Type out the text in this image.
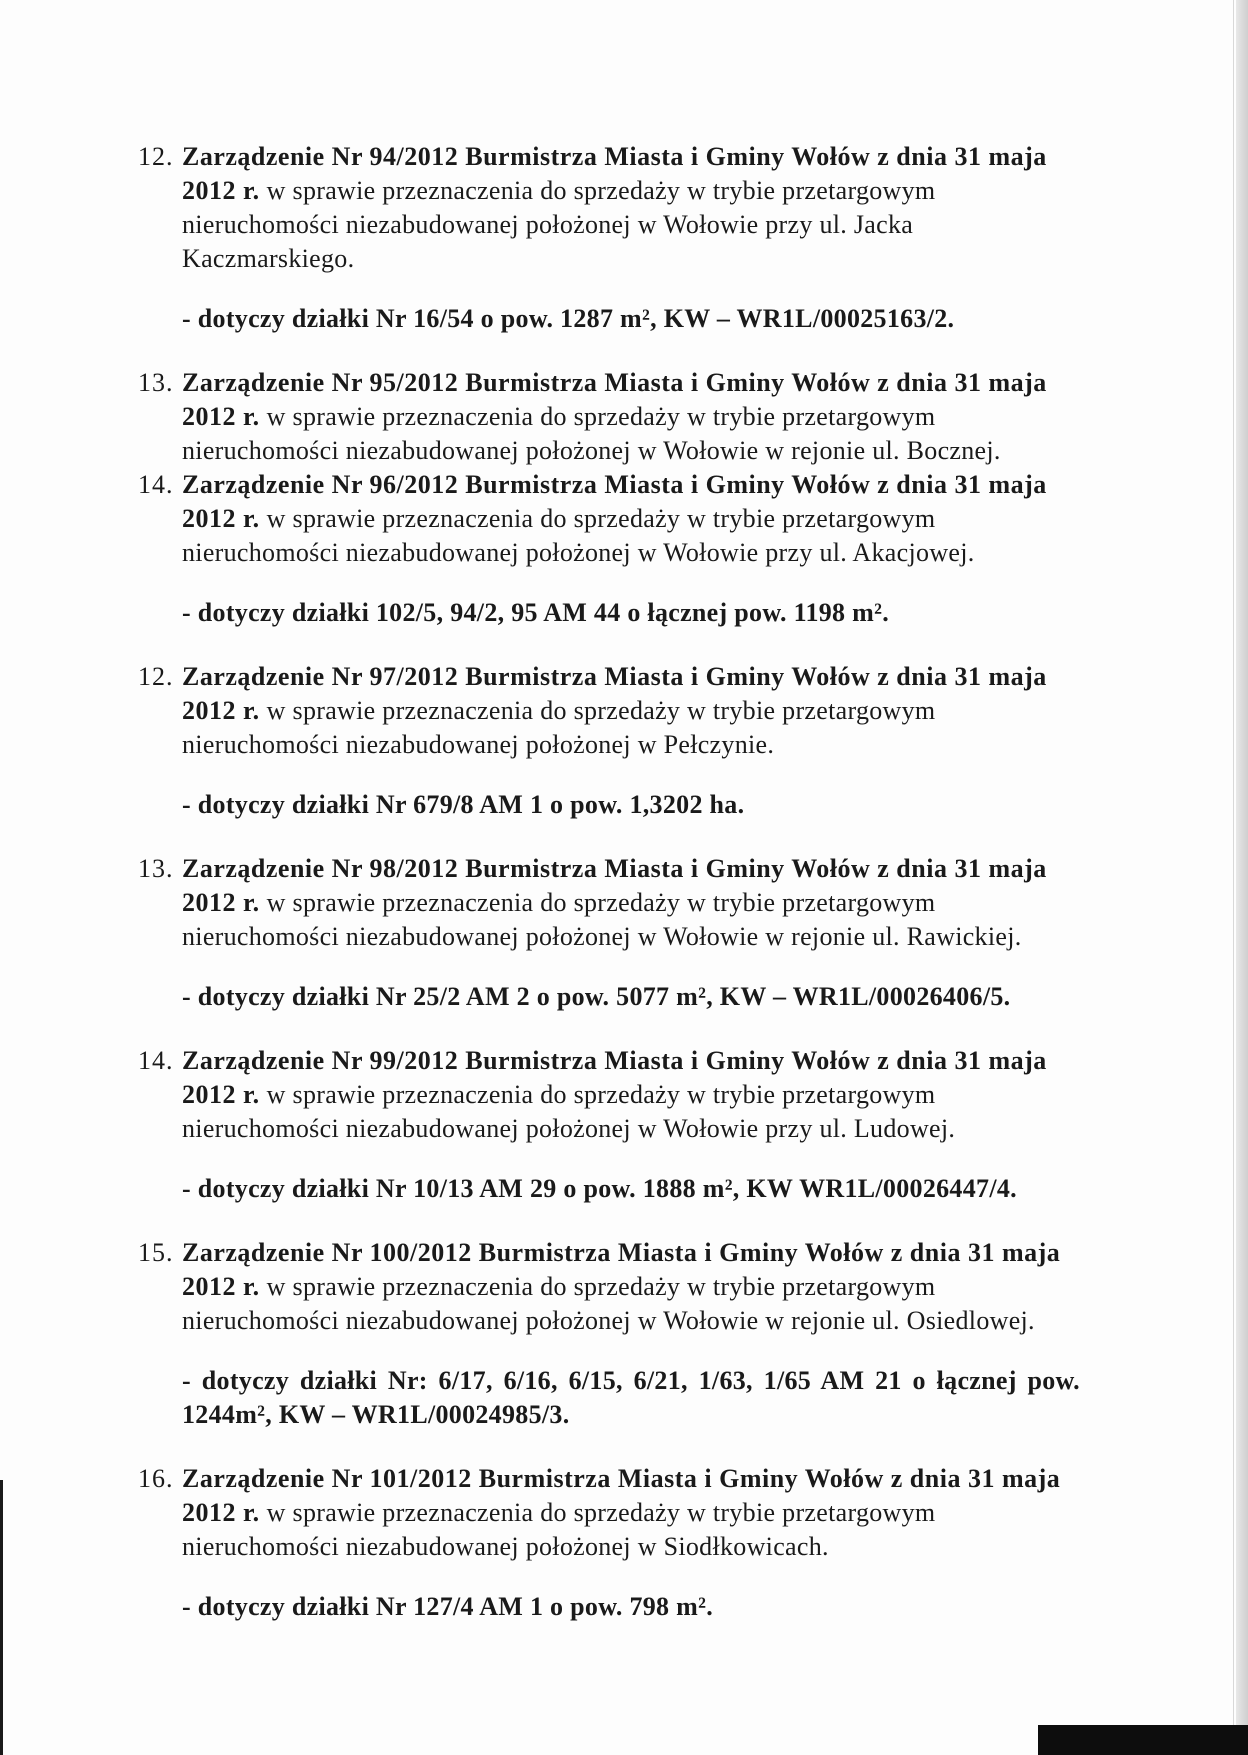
12. Zarządzenie Nr 94/2012 Burmistrza Miasta i Gminy Wołów z dnia 31 maja 2012 r. w sprawie przeznaczenia do sprzedaży w trybie przetargowym nieruchomości niezabudowanej położonej w Wołowie przy ul. Jacka Kaczmarskiego.
- dotyczy działki Nr 16/54 o pow. 1287 m², KW – WR1L/00025163/2.
13. Zarządzenie Nr 95/2012 Burmistrza Miasta i Gminy Wołów z dnia 31 maja 2012 r. w sprawie przeznaczenia do sprzedaży w trybie przetargowym nieruchomości niezabudowanej położonej w Wołowie w rejonie ul. Bocznej.
14. Zarządzenie Nr 96/2012 Burmistrza Miasta i Gminy Wołów z dnia 31 maja 2012 r. w sprawie przeznaczenia do sprzedaży w trybie przetargowym nieruchomości niezabudowanej położonej w Wołowie przy ul. Akacjowej.
- dotyczy działki 102/5, 94/2, 95 AM 44 o łącznej pow. 1198 m².
12. Zarządzenie Nr 97/2012 Burmistrza Miasta i Gminy Wołów z dnia 31 maja 2012 r. w sprawie przeznaczenia do sprzedaży w trybie przetargowym nieruchomości niezabudowanej położonej w Pełczynie.
- dotyczy działki Nr 679/8 AM 1 o pow. 1,3202 ha.
13. Zarządzenie Nr 98/2012 Burmistrza Miasta i Gminy Wołów z dnia 31 maja 2012 r. w sprawie przeznaczenia do sprzedaży w trybie przetargowym nieruchomości niezabudowanej położonej w Wołowie w rejonie ul. Rawickiej.
- dotyczy działki Nr 25/2 AM 2 o pow. 5077 m², KW – WR1L/00026406/5.
14. Zarządzenie Nr 99/2012 Burmistrza Miasta i Gminy Wołów z dnia 31 maja 2012 r. w sprawie przeznaczenia do sprzedaży w trybie przetargowym nieruchomości niezabudowanej położonej w Wołowie przy ul. Ludowej.
- dotyczy działki Nr 10/13 AM 29 o pow. 1888 m², KW WR1L/00026447/4.
15. Zarządzenie Nr 100/2012 Burmistrza Miasta i Gminy Wołów z dnia 31 maja 2012 r. w sprawie przeznaczenia do sprzedaży w trybie przetargowym nieruchomości niezabudowanej położonej w Wołowie w rejonie ul. Osiedlowej.
- dotyczy działki Nr: 6/17, 6/16, 6/15, 6/21, 1/63, 1/65 AM 21 o łącznej pow. 1244m², KW – WR1L/00024985/3.
16. Zarządzenie Nr 101/2012 Burmistrza Miasta i Gminy Wołów z dnia 31 maja 2012 r. w sprawie przeznaczenia do sprzedaży w trybie przetargowym nieruchomości niezabudowanej położonej w Siodłkowicach.
- dotyczy działki Nr 127/4 AM 1 o pow. 798 m².
